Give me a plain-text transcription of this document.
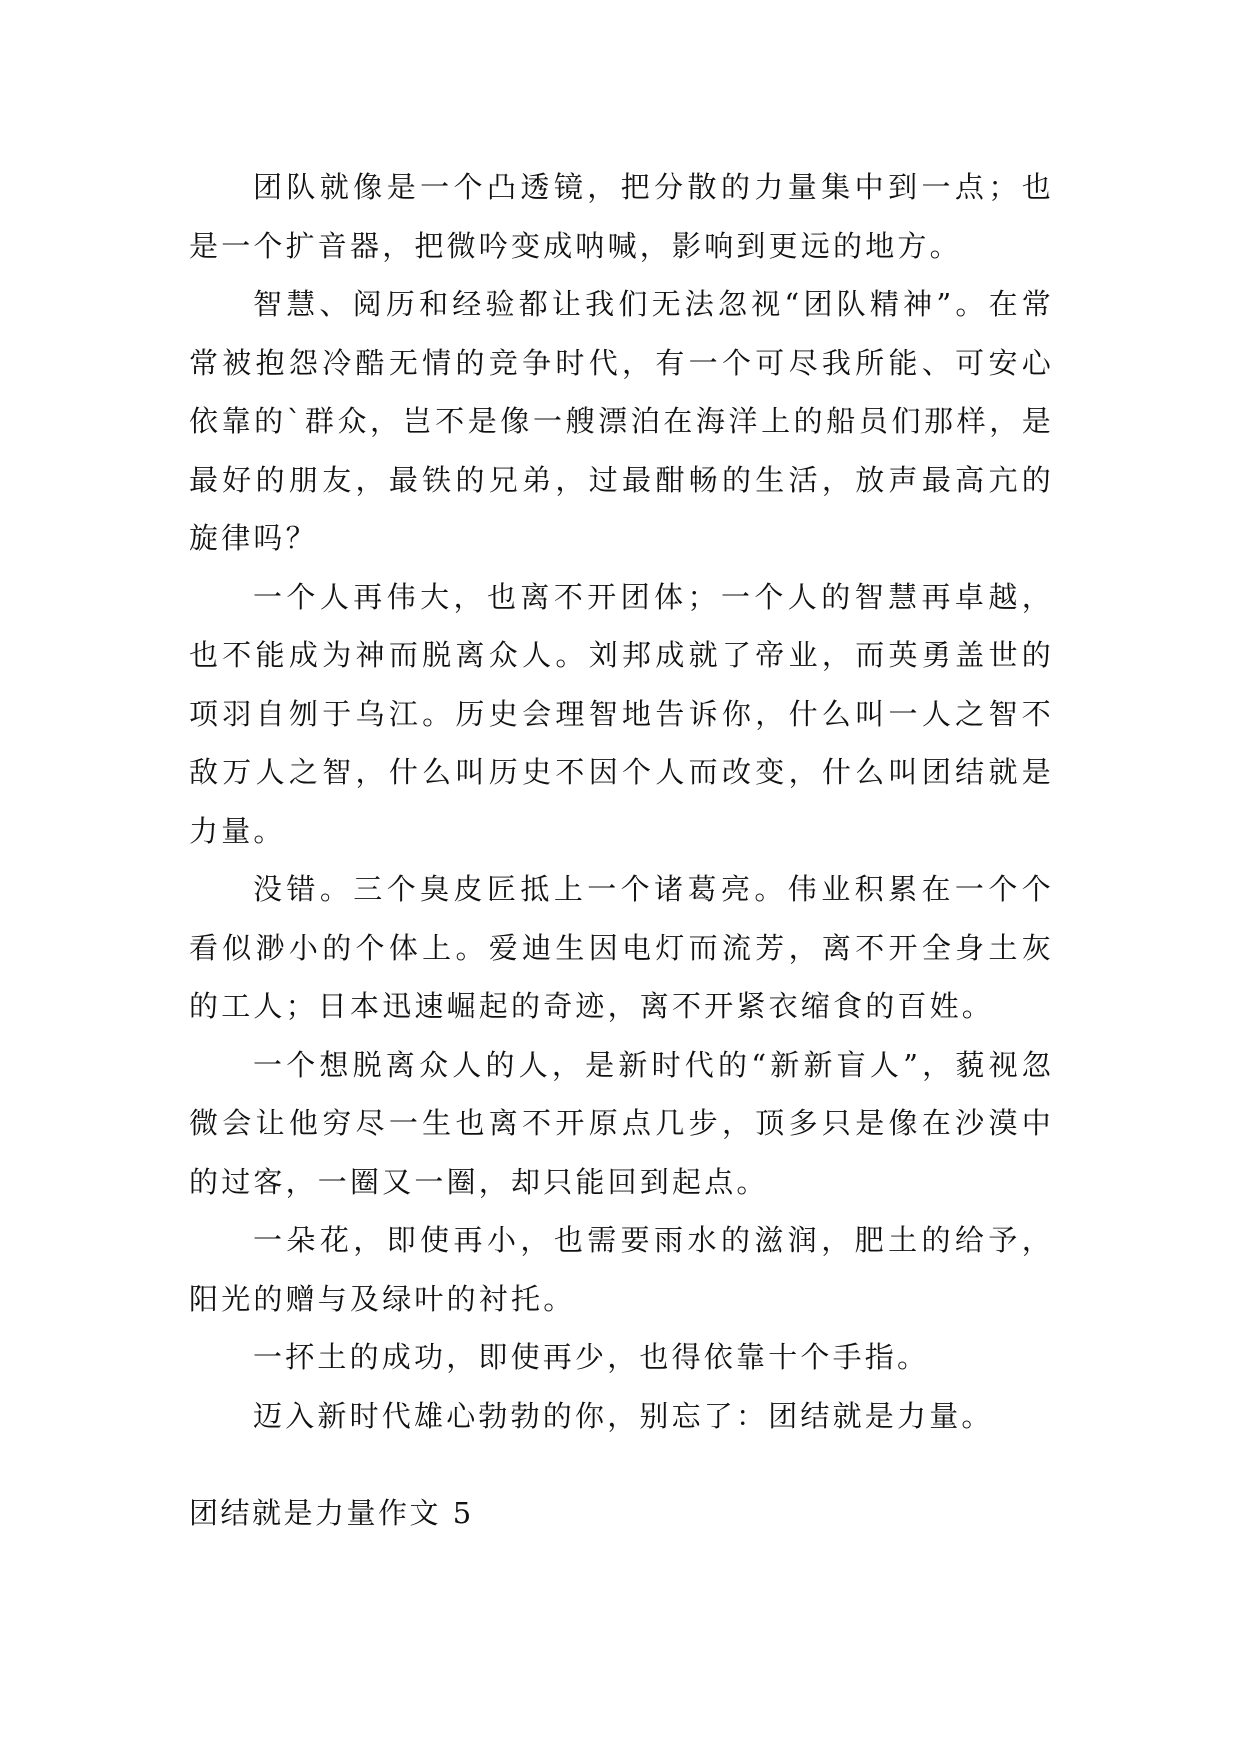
团队就像是一个凸透镜，把分散的力量集中到一点；也是一个扩音器，把微吟变成呐喊，影响到更远的地方。

智慧、阅历和经验都让我们无法忽视“团队精神”。在常常被抱怨冷酷无情的竞争时代，有一个可尽我所能、可安心依靠的`群众，岂不是像一艘漂泊在海洋上的船员们那样，是最好的朋友，最铁的兄弟，过最酣畅的生活，放声最高亢的旋律吗？

一个人再伟大，也离不开团体；一个人的智慧再卓越，也不能成为神而脱离众人。刘邦成就了帝业，而英勇盖世的项羽自刎于乌江。历史会理智地告诉你，什么叫一人之智不敌万人之智，什么叫历史不因个人而改变，什么叫团结就是力量。

没错。三个臭皮匠抵上一个诸葛亮。伟业积累在一个个看似渺小的个体上。爱迪生因电灯而流芳，离不开全身土灰的工人；日本迅速崛起的奇迹，离不开紧衣缩食的百姓。

一个想脱离众人的人，是新时代的“新新盲人”，藐视忽微会让他穷尽一生也离不开原点几步，顶多只是像在沙漠中的过客，一圈又一圈，却只能回到起点。

一朵花，即使再小，也需要雨水的滋润，肥土的给予，阳光的赠与及绿叶的衬托。

一抔土的成功，即使再少，也得依靠十个手指。

迈入新时代雄心勃勃的你，别忘了：团结就是力量。

团结就是力量作文 5
